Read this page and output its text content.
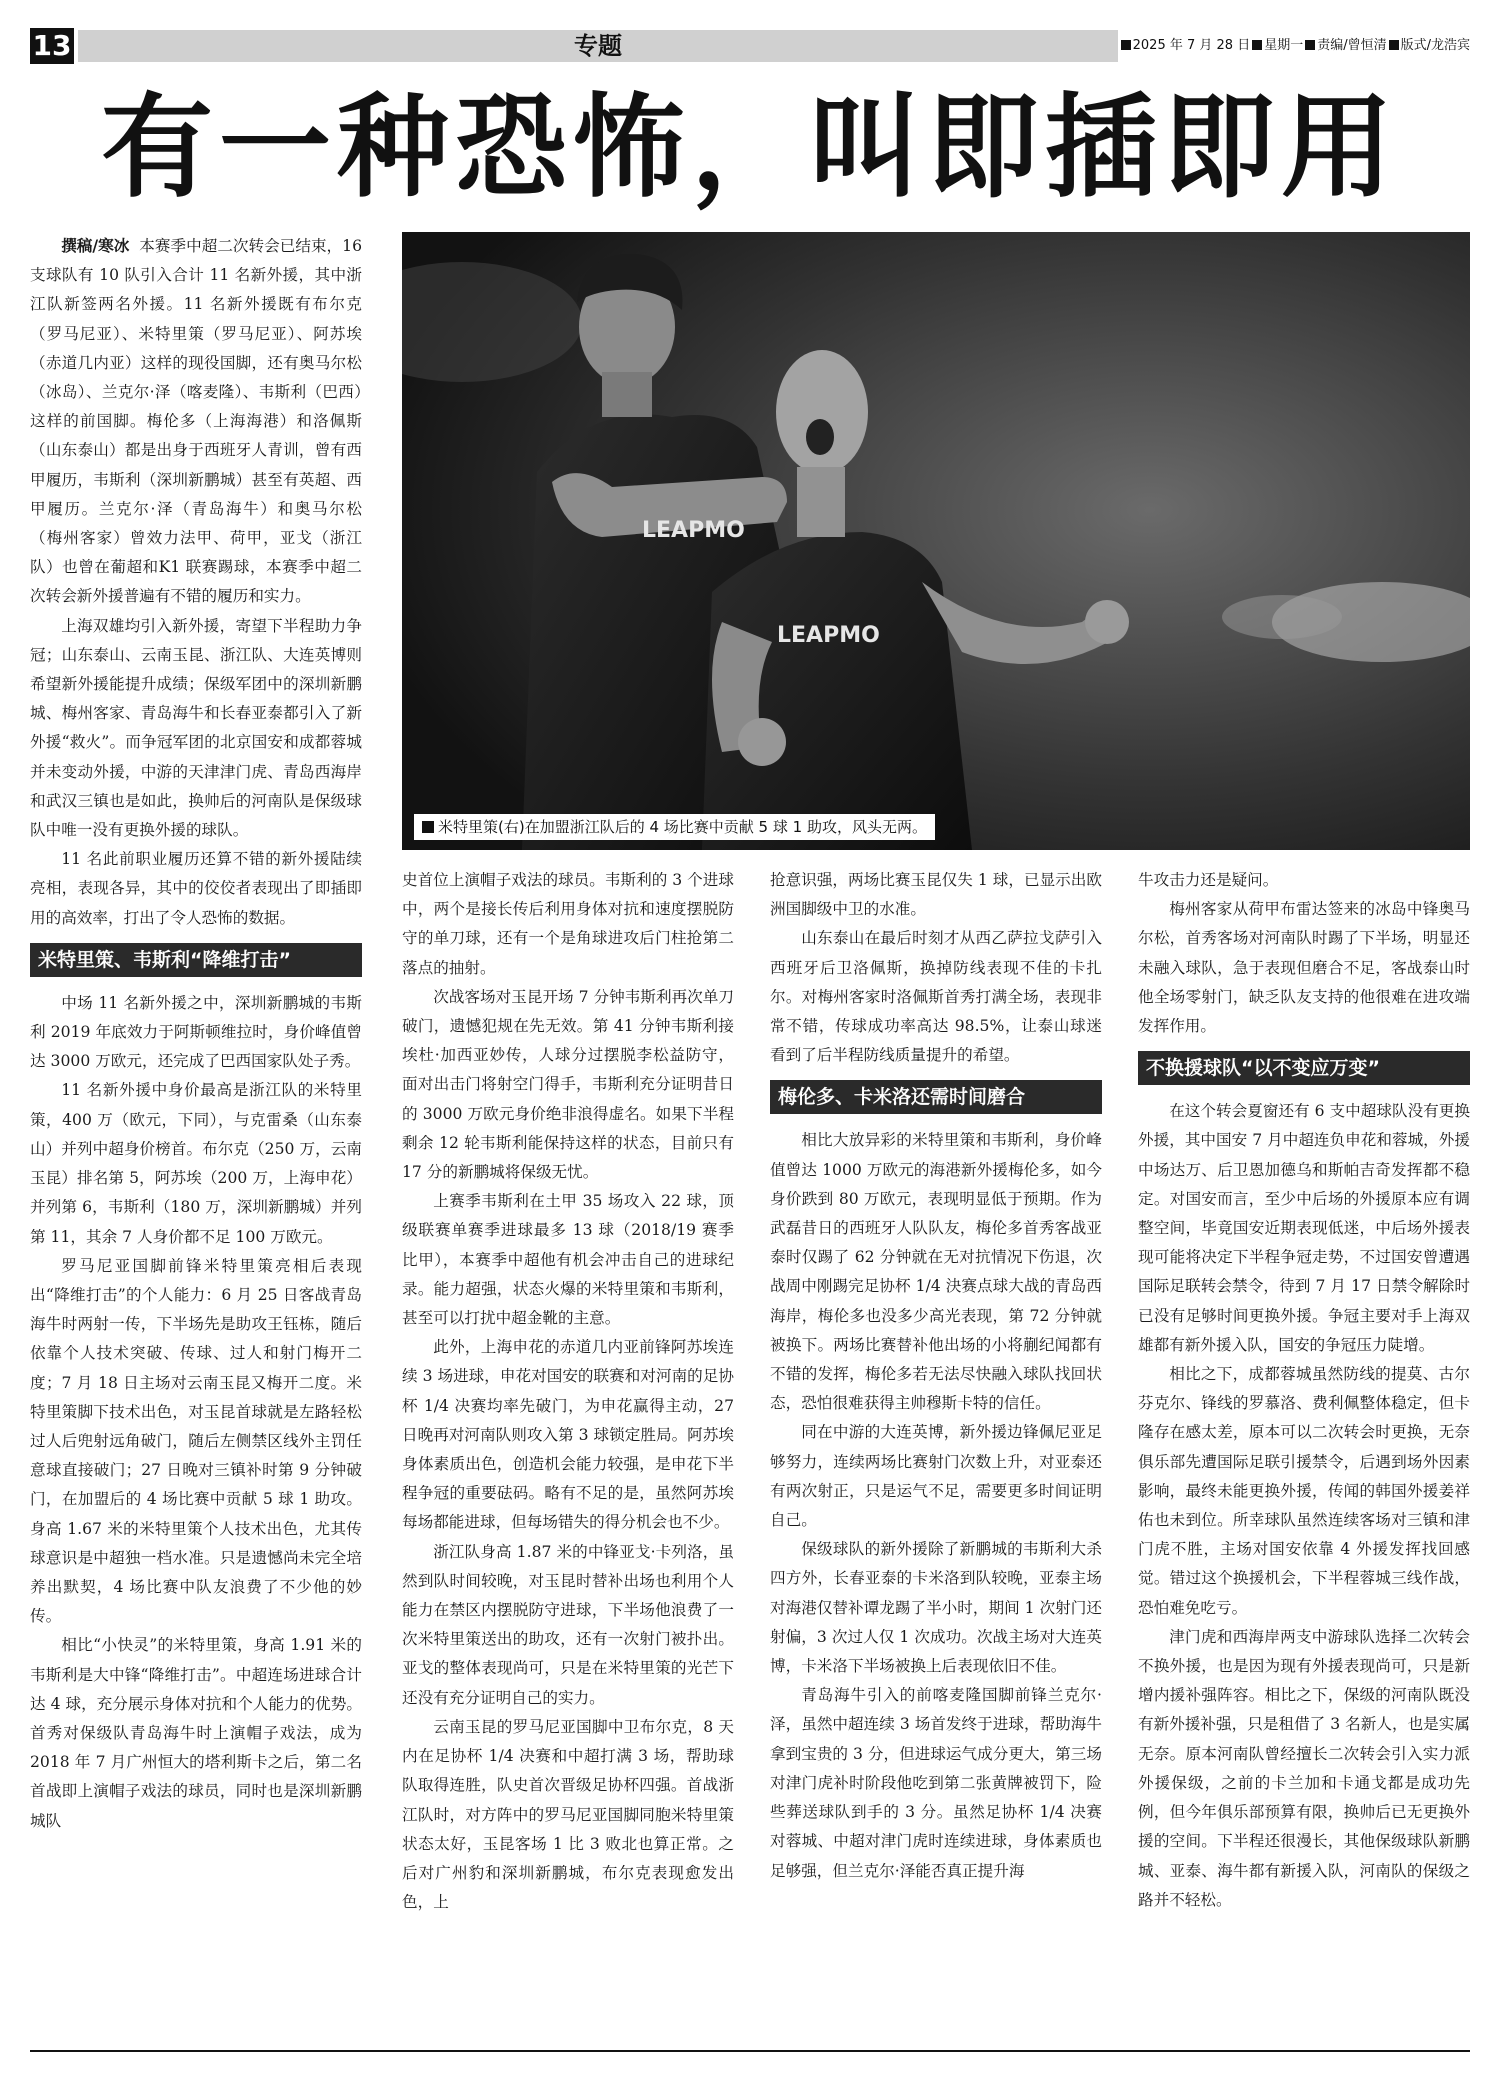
13	专题	2025 年 7 月 28 日 星期一 责编/曾恒清 版式/龙浩宾
有一种恐怖，叫即插即用
LEAPMO
LEAPMO
米特里策(右)在加盟浙江队后的 4 场比赛中贡献 5 球 1 助攻，风头无两。

撰稿/寒冰 本赛季中超二次转会已结束，16 支球队有 10 队引入合计 11 名新外援，其中浙江队新签两名外援。11 名新外援既有布尔克（罗马尼亚）、米特里策（罗马尼亚）、阿苏埃（赤道几内亚）这样的现役国脚，还有奥马尔松（冰岛）、兰克尔·泽（喀麦隆）、韦斯利（巴西）这样的前国脚。梅伦多（上海海港）和洛佩斯（山东泰山）都是出身于西班牙人青训，曾有西甲履历，韦斯利（深圳新鹏城）甚至有英超、西甲履历。兰克尔·泽（青岛海牛）和奥马尔松（梅州客家）曾效力法甲、荷甲，亚戈（浙江队）也曾在葡超和K1 联赛踢球，本赛季中超二次转会新外援普遍有不错的履历和实力。

上海双雄均引入新外援，寄望下半程助力争冠；山东泰山、云南玉昆、浙江队、大连英博则希望新外援能提升成绩；保级军团中的深圳新鹏城、梅州客家、青岛海牛和长春亚泰都引入了新外援“救火”。而争冠军团的北京国安和成都蓉城并未变动外援，中游的天津津门虎、青岛西海岸和武汉三镇也是如此，换帅后的河南队是保级球队中唯一没有更换外援的球队。

11 名此前职业履历还算不错的新外援陆续亮相，表现各异，其中的佼佼者表现出了即插即用的高效率，打出了令人恐怖的数据。

米特里策、韦斯利“降维打击”

中场 11 名新外援之中，深圳新鹏城的韦斯利 2019 年底效力于阿斯顿维拉时，身价峰值曾达 3000 万欧元，还完成了巴西国家队处子秀。

11 名新外援中身价最高是浙江队的米特里策，400 万（欧元，下同），与克雷桑（山东泰山）并列中超身价榜首。布尔克（250 万，云南玉昆）排名第 5，阿苏埃（200 万，上海申花）并列第 6，韦斯利（180 万，深圳新鹏城）并列第 11，其余 7 人身价都不足 100 万欧元。

罗马尼亚国脚前锋米特里策亮相后表现出“降维打击”的个人能力：6 月 25 日客战青岛海牛时两射一传，下半场先是助攻王钰栋，随后依靠个人技术突破、传球、过人和射门梅开二度；7 月 18 日主场对云南玉昆又梅开二度。米特里策脚下技术出色，对玉昆首球就是左路轻松过人后兜射远角破门，随后左侧禁区线外主罚任意球直接破门；27 日晚对三镇补时第 9 分钟破门，在加盟后的 4 场比赛中贡献 5 球 1 助攻。身高 1.67 米的米特里策个人技术出色，尤其传球意识是中超独一档水准。只是遗憾尚未完全培养出默契，4 场比赛中队友浪费了不少他的妙传。

相比“小快灵”的米特里策，身高 1.91 米的韦斯利是大中锋“降维打击”。中超连场进球合计达 4 球，充分展示身体对抗和个人能力的优势。首秀对保级队青岛海牛时上演帽子戏法，成为 2018 年 7 月广州恒大的塔利斯卡之后，第二名首战即上演帽子戏法的球员，同时也是深圳新鹏城队

史首位上演帽子戏法的球员。韦斯利的 3 个进球中，两个是接长传后利用身体对抗和速度摆脱防守的单刀球，还有一个是角球进攻后门柱抢第二落点的抽射。

次战客场对玉昆开场 7 分钟韦斯利再次单刀破门，遗憾犯规在先无效。第 41 分钟韦斯利接埃杜·加西亚妙传，人球分过摆脱李松益防守，面对出击门将射空门得手，韦斯利充分证明昔日的 3000 万欧元身价绝非浪得虚名。如果下半程剩余 12 轮韦斯利能保持这样的状态，目前只有 17 分的新鹏城将保级无忧。

上赛季韦斯利在土甲 35 场攻入 22 球，顶级联赛单赛季进球最多 13 球（2018/19 赛季比甲），本赛季中超他有机会冲击自己的进球纪录。能力超强，状态火爆的米特里策和韦斯利，甚至可以打扰中超金靴的主意。

此外，上海申花的赤道几内亚前锋阿苏埃连续 3 场进球，申花对国安的联赛和对河南的足协杯 1/4 决赛均率先破门，为申花赢得主动，27 日晚再对河南队则攻入第 3 球锁定胜局。阿苏埃身体素质出色，创造机会能力较强，是申花下半程争冠的重要砝码。略有不足的是，虽然阿苏埃每场都能进球，但每场错失的得分机会也不少。

浙江队身高 1.87 米的中锋亚戈·卡列洛，虽然到队时间较晚，对玉昆时替补出场也利用个人能力在禁区内摆脱防守进球，下半场他浪费了一次米特里策送出的助攻，还有一次射门被扑出。亚戈的整体表现尚可，只是在米特里策的光芒下还没有充分证明自己的实力。

云南玉昆的罗马尼亚国脚中卫布尔克，8 天内在足协杯 1/4 决赛和中超打满 3 场，帮助球队取得连胜，队史首次晋级足协杯四强。首战浙江队时，对方阵中的罗马尼亚国脚同胞米特里策状态太好，玉昆客场 1 比 3 败北也算正常。之后对广州豹和深圳新鹏城，布尔克表现愈发出色，上

抢意识强，两场比赛玉昆仅失 1 球，已显示出欧洲国脚级中卫的水准。

山东泰山在最后时刻才从西乙萨拉戈萨引入西班牙后卫洛佩斯，换掉防线表现不佳的卡扎尔。对梅州客家时洛佩斯首秀打满全场，表现非常不错，传球成功率高达 98.5%，让泰山球迷看到了后半程防线质量提升的希望。

梅伦多、卡米洛还需时间磨合

相比大放异彩的米特里策和韦斯利，身价峰值曾达 1000 万欧元的海港新外援梅伦多，如今身价跌到 80 万欧元，表现明显低于预期。作为武磊昔日的西班牙人队队友，梅伦多首秀客战亚泰时仅踢了 62 分钟就在无对抗情况下伤退，次战周中刚踢完足协杯 1/4 決赛点球大战的青岛西海岸，梅伦多也没多少高光表现，第 72 分钟就被换下。两场比赛替补他出场的小将蒯纪闻都有不错的发挥，梅伦多若无法尽快融入球队找回状态，恐怕很难获得主帅穆斯卡特的信任。

同在中游的大连英博，新外援边锋佩尼亚足够努力，连续两场比赛射门次数上升，对亚泰还有两次射正，只是运气不足，需要更多时间证明自己。

保级球队的新外援除了新鹏城的韦斯利大杀四方外，长春亚泰的卡米洛到队较晚，亚泰主场对海港仅替补谭龙踢了半小时，期间 1 次射门还射偏，3 次过人仅 1 次成功。次战主场对大连英博，卡米洛下半场被换上后表现依旧不佳。

青岛海牛引入的前喀麦隆国脚前锋兰克尔·泽，虽然中超连续 3 场首发终于进球，帮助海牛拿到宝贵的 3 分，但进球运气成分更大，第三场对津门虎补时阶段他吃到第二张黄牌被罚下，险些葬送球队到手的 3 分。虽然足协杯 1/4 决赛对蓉城、中超对津门虎时连续进球，身体素质也足够强，但兰克尔·泽能否真正提升海

牛攻击力还是疑问。

梅州客家从荷甲布雷达签来的冰岛中锋奥马尔松，首秀客场对河南队时踢了下半场，明显还未融入球队，急于表现但磨合不足，客战泰山时他全场零射门，缺乏队友支持的他很难在进攻端发挥作用。

不换援球队“以不变应万变”

在这个转会夏窗还有 6 支中超球队没有更换外援，其中国安 7 月中超连负申花和蓉城，外援中场达万、后卫恩加德乌和斯帕吉奇发挥都不稳定。对国安而言，至少中后场的外援原本应有调整空间，毕竟国安近期表现低迷，中后场外援表现可能将决定下半程争冠走势，不过国安曾遭遇国际足联转会禁令，待到 7 月 17 日禁令解除时已没有足够时间更换外援。争冠主要对手上海双雄都有新外援入队，国安的争冠压力陡增。

相比之下，成都蓉城虽然防线的提莫、古尔芬克尔、锋线的罗慕洛、费利佩整体稳定，但卡隆存在感太差，原本可以二次转会时更换，无奈俱乐部先遭国际足联引援禁令，后遇到场外因素影响，最终未能更换外援，传闻的韩国外援姜祥佑也未到位。所幸球队虽然连续客场对三镇和津门虎不胜，主场对国安依靠 4 外援发挥找回感觉。错过这个换援机会，下半程蓉城三线作战，恐怕难免吃亏。

津门虎和西海岸两支中游球队选择二次转会不换外援，也是因为现有外援表现尚可，只是新增内援补强阵容。相比之下，保级的河南队既没有新外援补强，只是租借了 3 名新人，也是实属无奈。原本河南队曾经擅长二次转会引入实力派外援保级，之前的卡兰加和卡通戈都是成功先例，但今年俱乐部预算有限，换帅后已无更换外援的空间。下半程还很漫长，其他保级球队新鹏城、亚泰、海牛都有新援入队，河南队的保级之路并不轻松。
